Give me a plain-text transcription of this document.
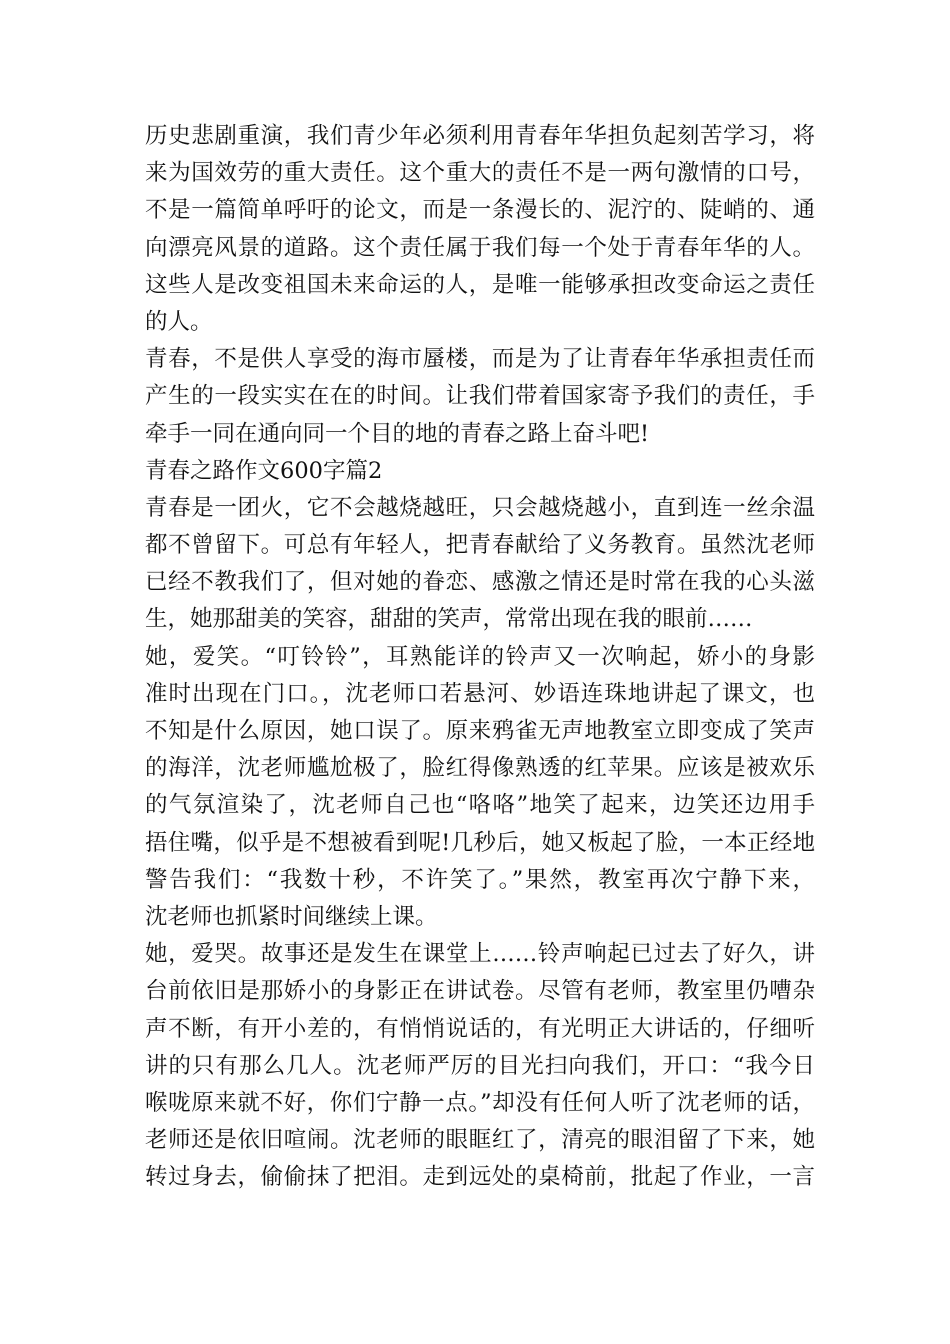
历史悲剧重演，我们青少年必须利用青春年华担负起刻苦学习，将
来为国效劳的重大责任。这个重大的责任不是一两句激情的口号，
不是一篇简单呼吁的论文，而是一条漫长的、泥泞的、陡峭的、通
向漂亮风景的道路。这个责任属于我们每一个处于青春年华的人。
这些人是改变祖国未来命运的人，是唯一能够承担改变命运之责任
的人。
青春，不是供人享受的海市蜃楼，而是为了让青春年华承担责任而
产生的一段实实在在的时间。让我们带着国家寄予我们的责任，手
牵手一同在通向同一个目的地的青春之路上奋斗吧!
青春之路作文600字篇2
青春是一团火，它不会越烧越旺，只会越烧越小，直到连一丝余温
都不曾留下。可总有年轻人，把青春献给了义务教育。虽然沈老师
已经不教我们了，但对她的眷恋、感激之情还是时常在我的心头滋
生，她那甜美的笑容，甜甜的笑声，常常出现在我的眼前……
她，爱笑。“叮铃铃”，耳熟能详的铃声又一次响起，娇小的身影
准时出现在门口。，沈老师口若悬河、妙语连珠地讲起了课文，也
不知是什么原因，她口误了。原来鸦雀无声地教室立即变成了笑声
的海洋，沈老师尴尬极了，脸红得像熟透的红苹果。应该是被欢乐
的气氛渲染了，沈老师自己也“咯咯”地笑了起来，边笑还边用手
捂住嘴，似乎是不想被看到呢!几秒后，她又板起了脸，一本正经地
警告我们：“我数十秒，不许笑了。”果然，教室再次宁静下来，
沈老师也抓紧时间继续上课。
她，爱哭。故事还是发生在课堂上……铃声响起已过去了好久，讲
台前依旧是那娇小的身影正在讲试卷。尽管有老师，教室里仍嘈杂
声不断，有开小差的，有悄悄说话的，有光明正大讲话的，仔细听
讲的只有那么几人。沈老师严厉的目光扫向我们，开口：“我今日
喉咙原来就不好，你们宁静一点。”却没有任何人听了沈老师的话，
老师还是依旧喧闹。沈老师的眼眶红了，清亮的眼泪留了下来，她
转过身去，偷偷抹了把泪。走到远处的桌椅前，批起了作业，一言
